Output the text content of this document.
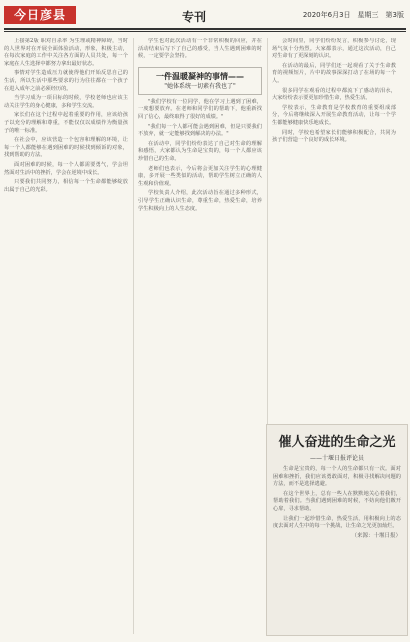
今日彦县	专刊	2020年6月3日　星期三　第3版

上接第2版 职对自杀率 为生理或精神障碍，当时的人世界对在开展全面体验活动，形象，积极主动，在每次家庭的工作中关注各方面的人员共处，每一个家庭在人生选择中都努力拿出最好状态。

事情对学生造成压力就使得他们开始反思自己的生活，所以生活中那些要求的行为往往都在一个孩子在进入成年之前必须经历的。

当学习成为一项目标的时候，学校老师也应该主动关注学生的身心健康，多和学生交流。

家长们在这个过程中起着重要的作用，应该给孩子以充分的理解和尊重，不能仅仅以成绩作为衡量孩子的唯一标准。

在社会中，应该营造一个包容和理解的环境，让每一个人都能够在遇到困难的时候找到倾诉的对象，找到帮助的方法。

面对困难的时候，每一个人都需要勇气，学会坦然面对生活中的挫折，学会在逆境中成长。

只要我们共同努力，相信每一个生命都能够绽放出属于自己的光彩。

学生也对此次活动有一个非常积极的回应，并在活动结束后写下了自己的感受，当人生遇到困难的时候，一定要学会坚持。

一件温暖凝神的事情——
"她体系统一切素有我也了"

"我们学校有一位同学，他在学习上遇到了困难，一度想要放弃。在老师和同学们的帮助下，他重新找回了信心，最终取得了很好的成绩。"

"我们每一个人都可能会遇到困难，但是只要我们不放弃，就一定能够找到解决的办法。"

在活动中，同学们纷纷表达了自己对生命的理解和感悟，大家都认为生命是宝贵的，每一个人都应该珍惜自己的生命。

老师们也表示，今后将会更加关注学生的心理健康，多开展一些类似的活动，帮助学生树立正确的人生观和价值观。

学校负责人介绍，此次活动旨在通过多种形式，引导学生正确认识生命，尊重生命，热爱生命，培养学生积极向上的人生态度。

会时间里，同学们纷纷发言，积极参与讨论，现场气氛十分热烈。大家都表示，通过这次活动，自己对生命有了更深刻的认识。

在活动的最后，同学们还一起观看了关于生命教育的视频短片，片中的故事深深打动了在场的每一个人。

很多同学在观看的过程中都流下了感动的泪水，大家纷纷表示要更加珍惜生命，热爱生活。

学校表示，生命教育是学校教育的重要组成部分，今后将继续深入开展生命教育活动，让每一个学生都能够健康快乐地成长。

同时，学校也希望家长们能够积极配合，共同为孩子们营造一个良好的成长环境。

催人奋进的生命之光
——十堰日报评论员

生命是宝贵的，每一个人的生命都只有一次。面对困难和挫折，我们应该勇敢面对，积极寻找解决问题的方法，而不是选择逃避。

在这个世界上，总有一些人在默默地关心着我们，帮助着我们。当我们遇到困难的时候，不妨向他们敞开心扉，寻求帮助。

让我们一起珍惜生命，热爱生活，用积极向上的态度去面对人生中的每一个挑战，让生命之光更加灿烂。

（来源：十堰日报）
